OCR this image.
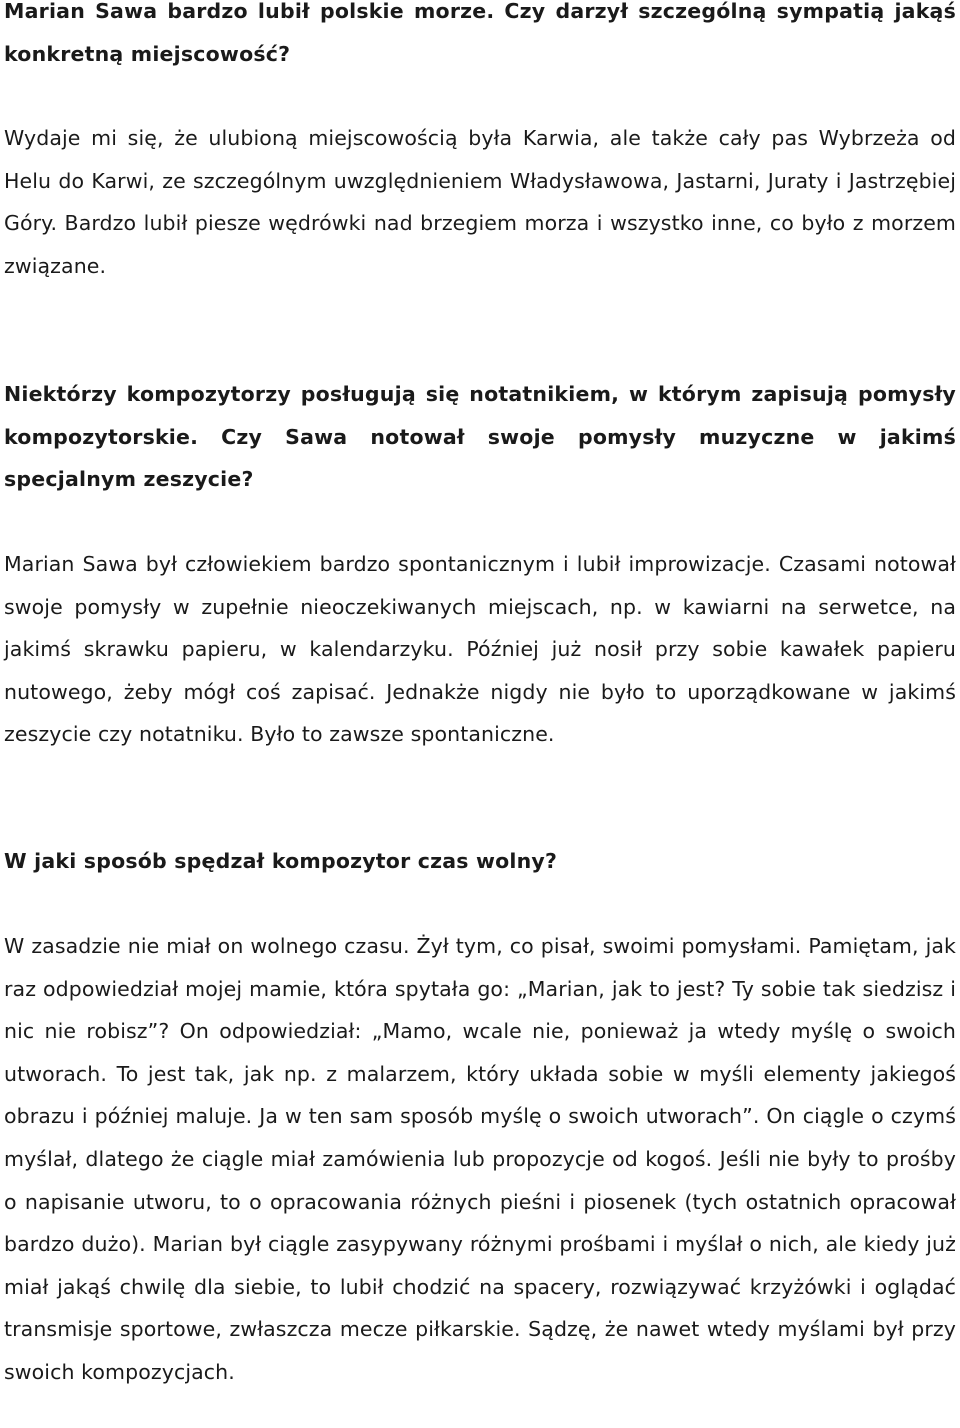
Marian Sawa bardzo lubił polskie morze. Czy darzył szczególną sympatią jakąś konkretną miejscowość?

Wydaje mi się, że ulubioną miejscowością była Karwia, ale także cały pas Wybrzeża od Helu do Karwi, ze szczególnym uwzględnieniem Władysławowa, Jastarni, Juraty i Jastrzębiej Góry. Bardzo lubił piesze wędrówki nad brzegiem morza i wszystko inne, co było z morzem związane.

Niektórzy kompozytorzy posługują się notatnikiem, w którym zapisują pomysły kompozytorskie. Czy Sawa notował swoje pomysły muzyczne w jakimś specjalnym zeszycie?

Marian Sawa był człowiekiem bardzo spontanicznym i lubił improwizacje. Czasami notował swoje pomysły w zupełnie nieoczekiwanych miejscach, np. w kawiarni na serwetce, na jakimś skrawku papieru, w kalendarzyku. Później już nosił przy sobie kawałek papieru nutowego, żeby mógł coś zapisać. Jednakże nigdy nie było to uporządkowane w jakimś zeszycie czy notatniku. Było to zawsze spontaniczne.

W jaki sposób spędzał kompozytor czas wolny?

W zasadzie nie miał on wolnego czasu. Żył tym, co pisał, swoimi pomysłami. Pamiętam, jak raz odpowiedział mojej mamie, która spytała go: „Marian, jak to jest? Ty sobie tak siedzisz i nic nie robisz”? On odpowiedział: „Mamo, wcale nie, ponieważ ja wtedy myślę o swoich utworach. To jest tak, jak np. z malarzem, który układa sobie w myśli elementy jakiegoś obrazu i później maluje. Ja w ten sam sposób myślę o swoich utworach”. On ciągle o czymś myślał, dlatego że ciągle miał zamówienia lub propozycje od kogoś. Jeśli nie były to prośby o napisanie utworu, to o opracowania różnych pieśni i piosenek (tych ostatnich opracował bardzo dużo). Marian był ciągle zasypywany różnymi prośbami i myślał o nich, ale kiedy już miał jakąś chwilę dla siebie, to lubił chodzić na spacery, rozwiązywać krzyżówki i oglądać transmisje sportowe, zwłaszcza mecze piłkarskie. Sądzę, że nawet wtedy myślami był przy swoich kompozycjach.
